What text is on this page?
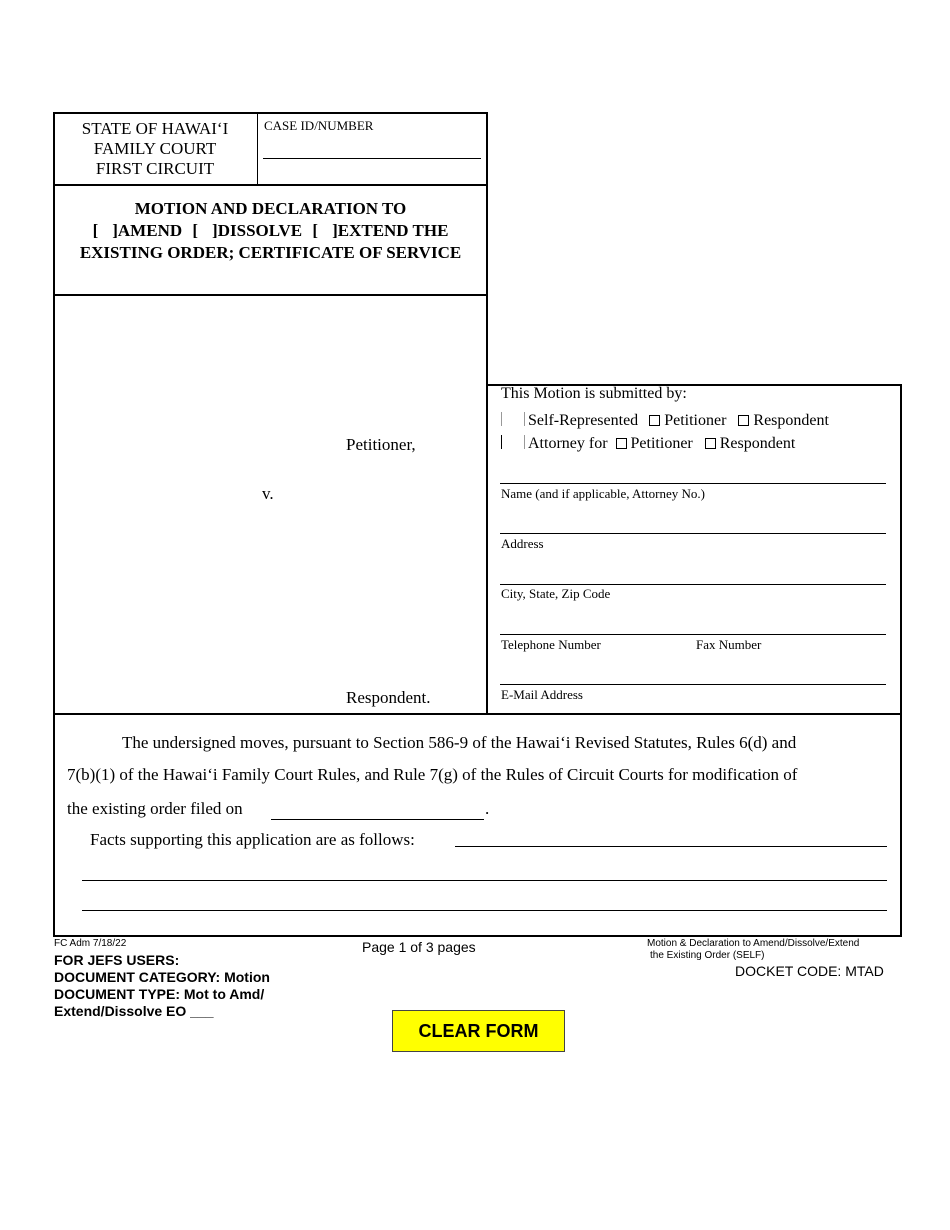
STATE OF HAWAI‘I
FAMILY COURT
FIRST CIRCUIT
CASE ID/NUMBER
MOTION AND DECLARATION TO
[ ]AMEND [ ]DISSOLVE [ ]EXTEND THE
EXISTING ORDER; CERTIFICATE OF SERVICE
Petitioner,
v.
Respondent.
This Motion is submitted by:
Self-Represented Petitioner Respondent
Attorney for Petitioner Respondent
Name (and if applicable, Attorney No.)
Address
City, State, Zip Code
Telephone Number	Fax Number
E-Mail Address
The undersigned moves, pursuant to Section 586-9 of the Hawai‘i Revised Statutes, Rules 6(d) and
7(b)(1) of the Hawai‘i Family Court Rules, and Rule 7(g) of the Rules of Circuit Courts for modification of
the existing order filed on	.
Facts supporting this application are as follows:
FC Adm 7/18/22	Page 1 of 3 pages	Motion & Declaration to Amend/Dissolve/Extend
the Existing Order (SELF)
DOCKET CODE: MTAD
FOR JEFS USERS:
DOCUMENT CATEGORY: Motion
DOCUMENT TYPE: Mot to Amd/
Extend/Dissolve EO ___
CLEAR FORM
